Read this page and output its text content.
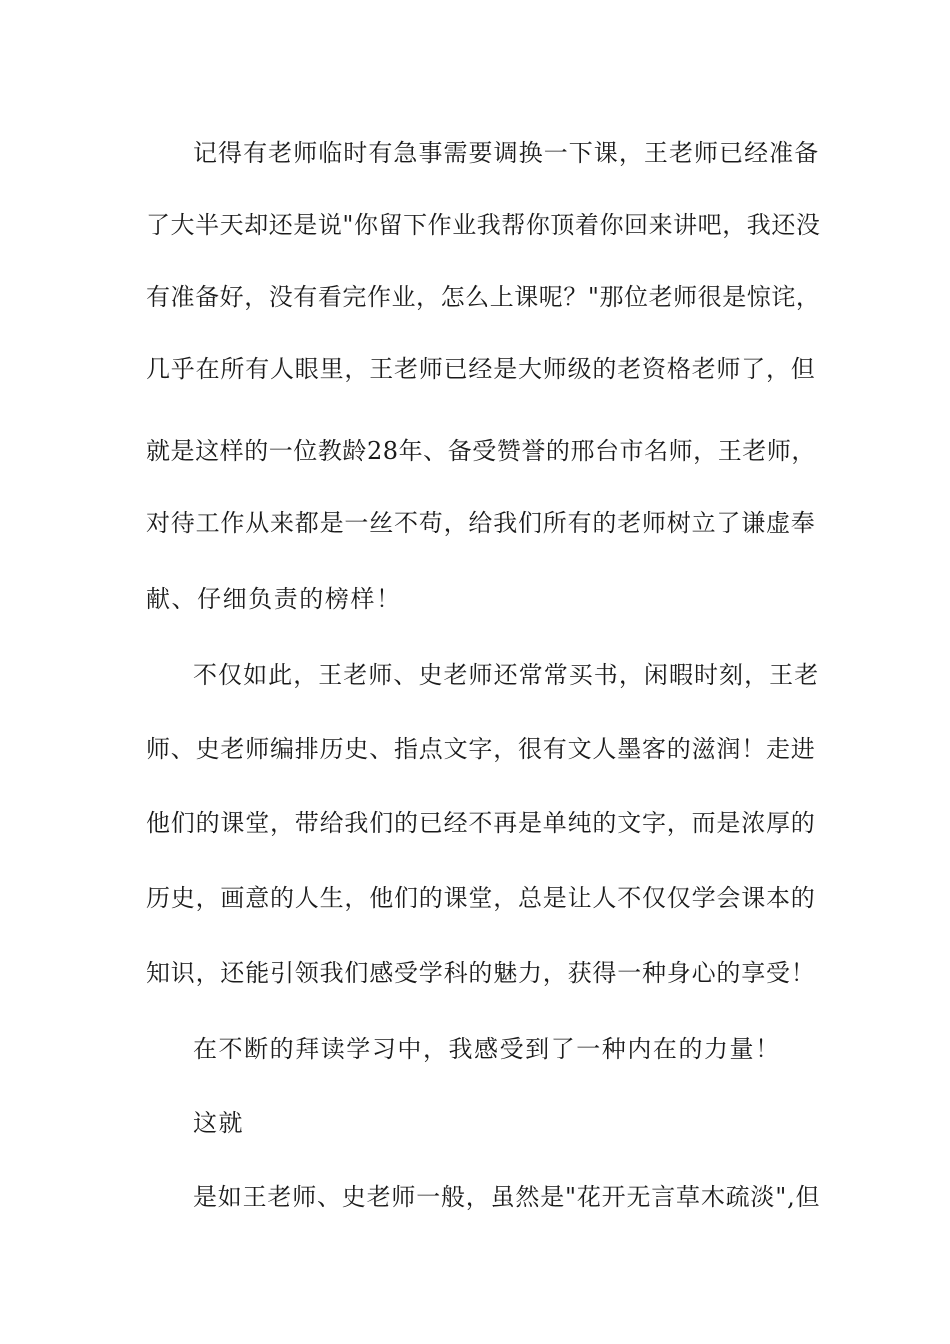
记得有老师临时有急事需要调换一下课，王老师已经准备
了大半天却还是说"你留下作业我帮你顶着你回来讲吧，我还没
有准备好，没有看完作业，怎么上课呢？"那位老师很是惊诧，
几乎在所有人眼里，王老师已经是大师级的老资格老师了，但
就是这样的一位教龄28年、备受赞誉的邢台市名师，王老师，
对待工作从来都是一丝不苟，给我们所有的老师树立了谦虚奉
献、仔细负责的榜样！
不仅如此，王老师、史老师还常常买书，闲暇时刻，王老
师、史老师编排历史、指点文字，很有文人墨客的滋润！走进
他们的课堂，带给我们的已经不再是单纯的文字，而是浓厚的
历史，画意的人生，他们的课堂，总是让人不仅仅学会课本的
知识，还能引领我们感受学科的魅力，获得一种身心的享受！
在不断的拜读学习中，我感受到了一种内在的力量！
这就
是如王老师、史老师一般，虽然是"花开无言草木疏淡",但
